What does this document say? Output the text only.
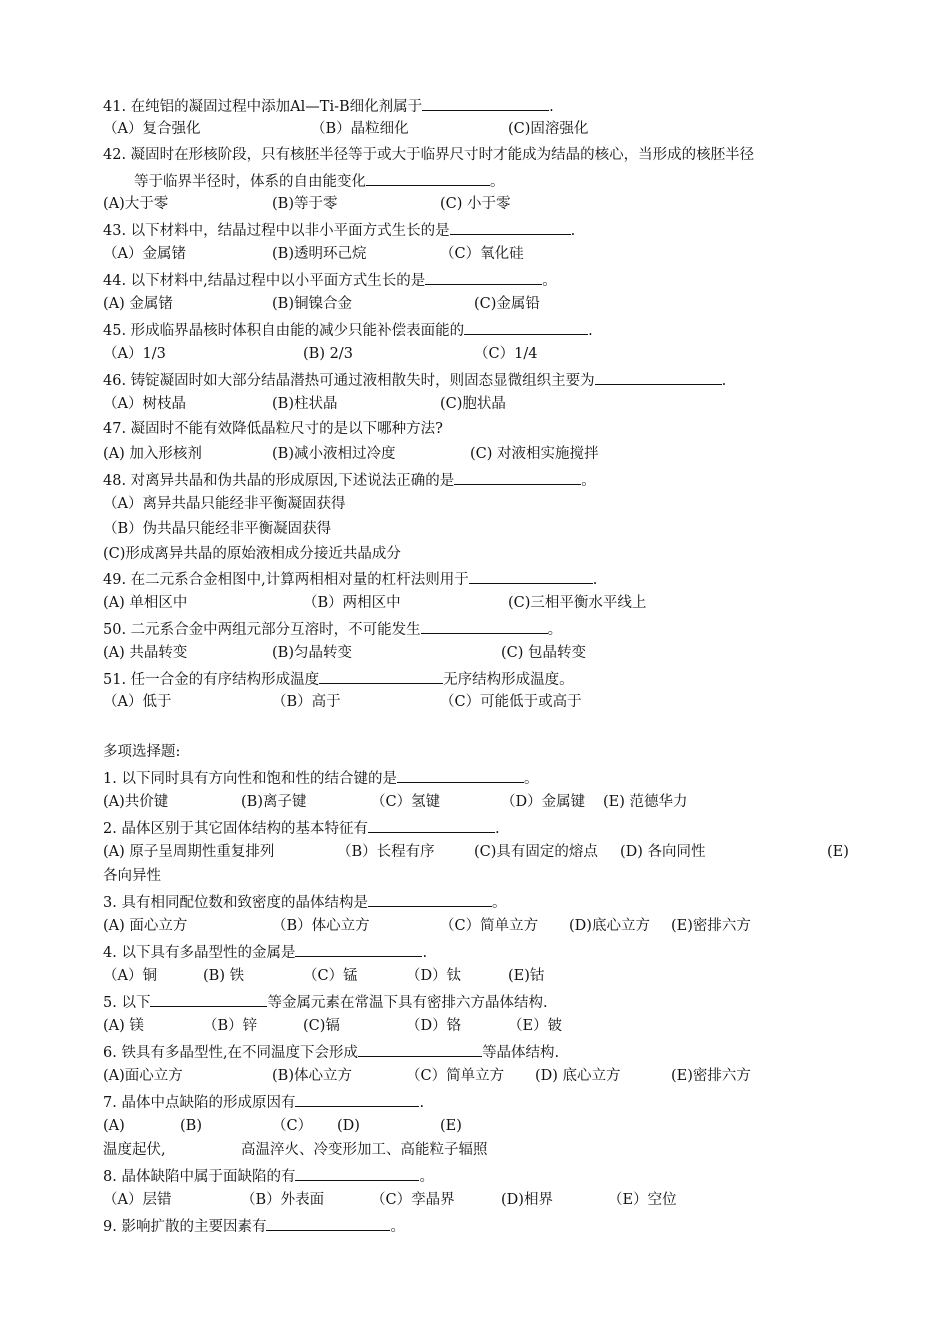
41. 在纯铝的凝固过程中添加Al—Ti-B细化剂属于	.
（A）复合强化	（B）晶粒细化	(C)固溶强化
42. 凝固时在形核阶段，只有核胚半径等于或大于临界尺寸时才能成为结晶的核心，当形成的核胚半径
等于临界半径时，体系的自由能变化	。
(A)大于零	(B)等于零	(C) 小于零
43. 以下材料中，结晶过程中以非小平面方式生长的是	.
（A）金属锗	(B)透明环己烷	（C）氧化硅
44. 以下材料中,结晶过程中以小平面方式生长的是	。
(A) 金属锗	(B)铜镍合金	(C)金属铅
45. 形成临界晶核时体积自由能的减少只能补偿表面能的	.
（A）1/3	(B) 2/3	（C）1/4
46. 铸锭凝固时如大部分结晶潜热可通过液相散失时，则固态显微组织主要为	.
（A）树枝晶	(B)柱状晶	(C)胞状晶
47. 凝固时不能有效降低晶粒尺寸的是以下哪种方法?
(A) 加入形核剂	(B)减小液相过冷度	(C) 对液相实施搅拌
48. 对离异共晶和伪共晶的形成原因,下述说法正确的是	。
（A）离异共晶只能经非平衡凝固获得
（B）伪共晶只能经非平衡凝固获得
(C)形成离异共晶的原始液相成分接近共晶成分
49. 在二元系合金相图中,计算两相相对量的杠杆法则用于	.
(A) 单相区中	（B）两相区中	(C)三相平衡水平线上
50. 二元系合金中两组元部分互溶时，不可能发生	。
(A) 共晶转变	(B)匀晶转变	(C) 包晶转变
51. 任一合金的有序结构形成温度	无序结构形成温度。
（A）低于	（B）高于	（C）可能低于或高于
多项选择题:
1. 以下同时具有方向性和饱和性的结合键的是	。
(A)共价键	(B)离子键	（C）氢键	（D）金属键 (E) 范德华力
2. 晶体区别于其它固体结构的基本特征有	.
(A) 原子呈周期性重复排列	（B）长程有序	(C)具有固定的熔点 (D) 各向同性	(E)
各向异性
3. 具有相同配位数和致密度的晶体结构是	。
(A) 面心立方	（B）体心立方	（C）简单立方 (D)底心立方 (E)密排六方
4. 以下具有多晶型性的金属是	.
（A）铜	(B) 铁	（C）锰	（D）钛	(E)钴
5. 以下	等金属元素在常温下具有密排六方晶体结构.
(A) 镁	（B）锌	(C)镉	（D）铬	（E）铍
6. 铁具有多晶型性,在不同温度下会形成	等晶体结构.
(A)面心立方	(B)体心立方	（C）简单立方 (D) 底心立方	(E)密排六方
7. 晶体中点缺陷的形成原因有	.
(A)	(B)	（C） (D)	(E)
温度起伏,	高温淬火、冷变形加工、高能粒子辐照
8. 晶体缺陷中属于面缺陷的有	。
（A）层错	（B）外表面	（C）孪晶界	(D)相界	（E）空位
9. 影响扩散的主要因素有	。
